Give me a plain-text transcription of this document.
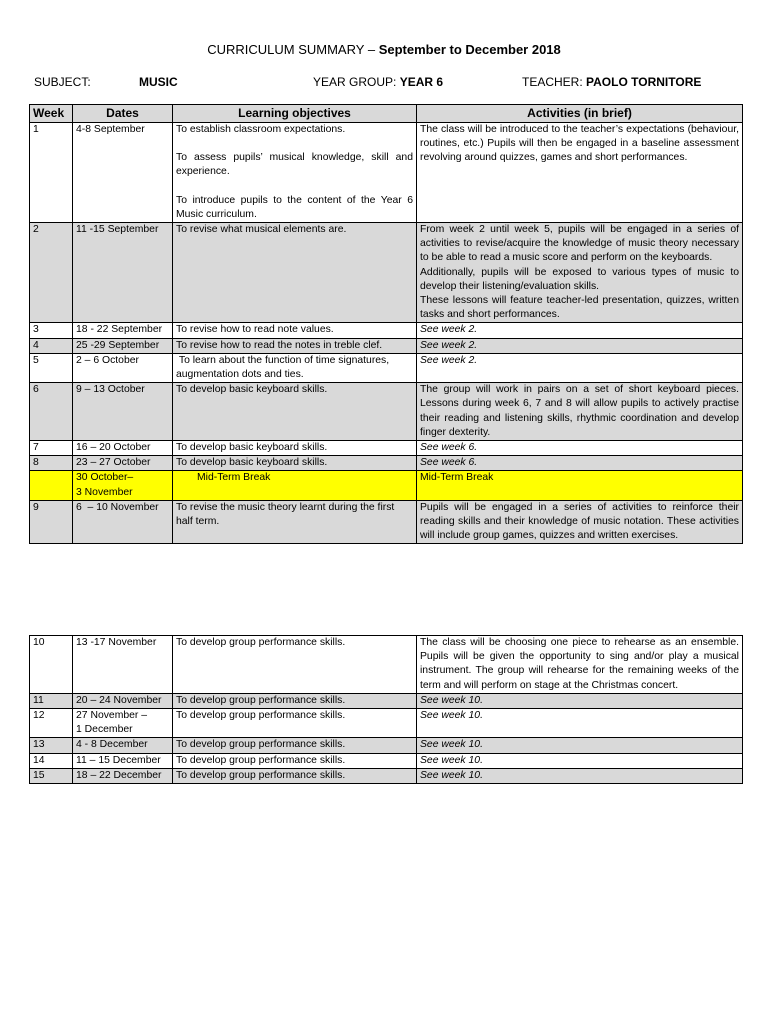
CURRICULUM SUMMARY – September to December 2018
SUBJECT:	MUSIC	YEAR GROUP: YEAR 6	TEACHER: PAOLO TORNITORE
Week	Dates	Learning objectives	Activities (in brief)
1	4-8 September	To establish classroom expectations.
To assess pupils’ musical knowledge, skill and experience.
To introduce pupils to the content of the Year 6 Music curriculum.	The class will be introduced to the teacher’s expectations (behaviour, routines, etc.) Pupils will then be engaged in a baseline assessment revolving around quizzes, games and short performances.
2	11 -15 September	To revise what musical elements are.	From week 2 until week 5, pupils will be engaged in a series of activities to revise/acquire the knowledge of music theory necessary to be able to read a music score and perform on the keyboards.
Additionally, pupils will be exposed to various types of music to develop their listening/evaluation skills.
These lessons will feature teacher-led presentation, quizzes, written tasks and short performances.

3	18 - 22 September	To revise how to read note values.	See week 2.
4	25 -29 September	To revise how to read the notes in treble clef.	See week 2.
5	2 – 6 October	To learn about the function of time signatures, augmentation dots and ties.	See week 2.
6	9 – 13 October	To develop basic keyboard skills.	The group will work in pairs on a set of short keyboard pieces. Lessons during week 6, 7 and 8 will allow pupils to actively practise their reading and listening skills, rhythmic coordination and develop finger dexterity.
7	16 – 20 October	To develop basic keyboard skills.	See week 6.
8	23 – 27 October	To develop basic keyboard skills.	See week 6.

	30 October–
3 November	Mid-Term Break	Mid-Term Break
9	6  – 10 November	To revise the music theory learnt during the first half term.	Pupils will be engaged in a series of activities to reinforce their reading skills and their knowledge of music notation. These activities will include group games, quizzes and written exercises.
10	13 -17 November	To develop group performance skills.	The class will be choosing one piece to rehearse as an ensemble. Pupils will be given the opportunity to sing and/or play a musical instrument. The group will rehearse for the remaining weeks of the term and will perform on stage at the Christmas concert.
11	20 – 24 November	To develop group performance skills.	See week 10.
12	27 November –
1 December	To develop group performance skills.	See week 10.
13	4 - 8 December	To develop group performance skills.	See week 10.
14	11 – 15 December	To develop group performance skills.	See week 10.
15	18 – 22 December	To develop group performance skills.	See week 10.
